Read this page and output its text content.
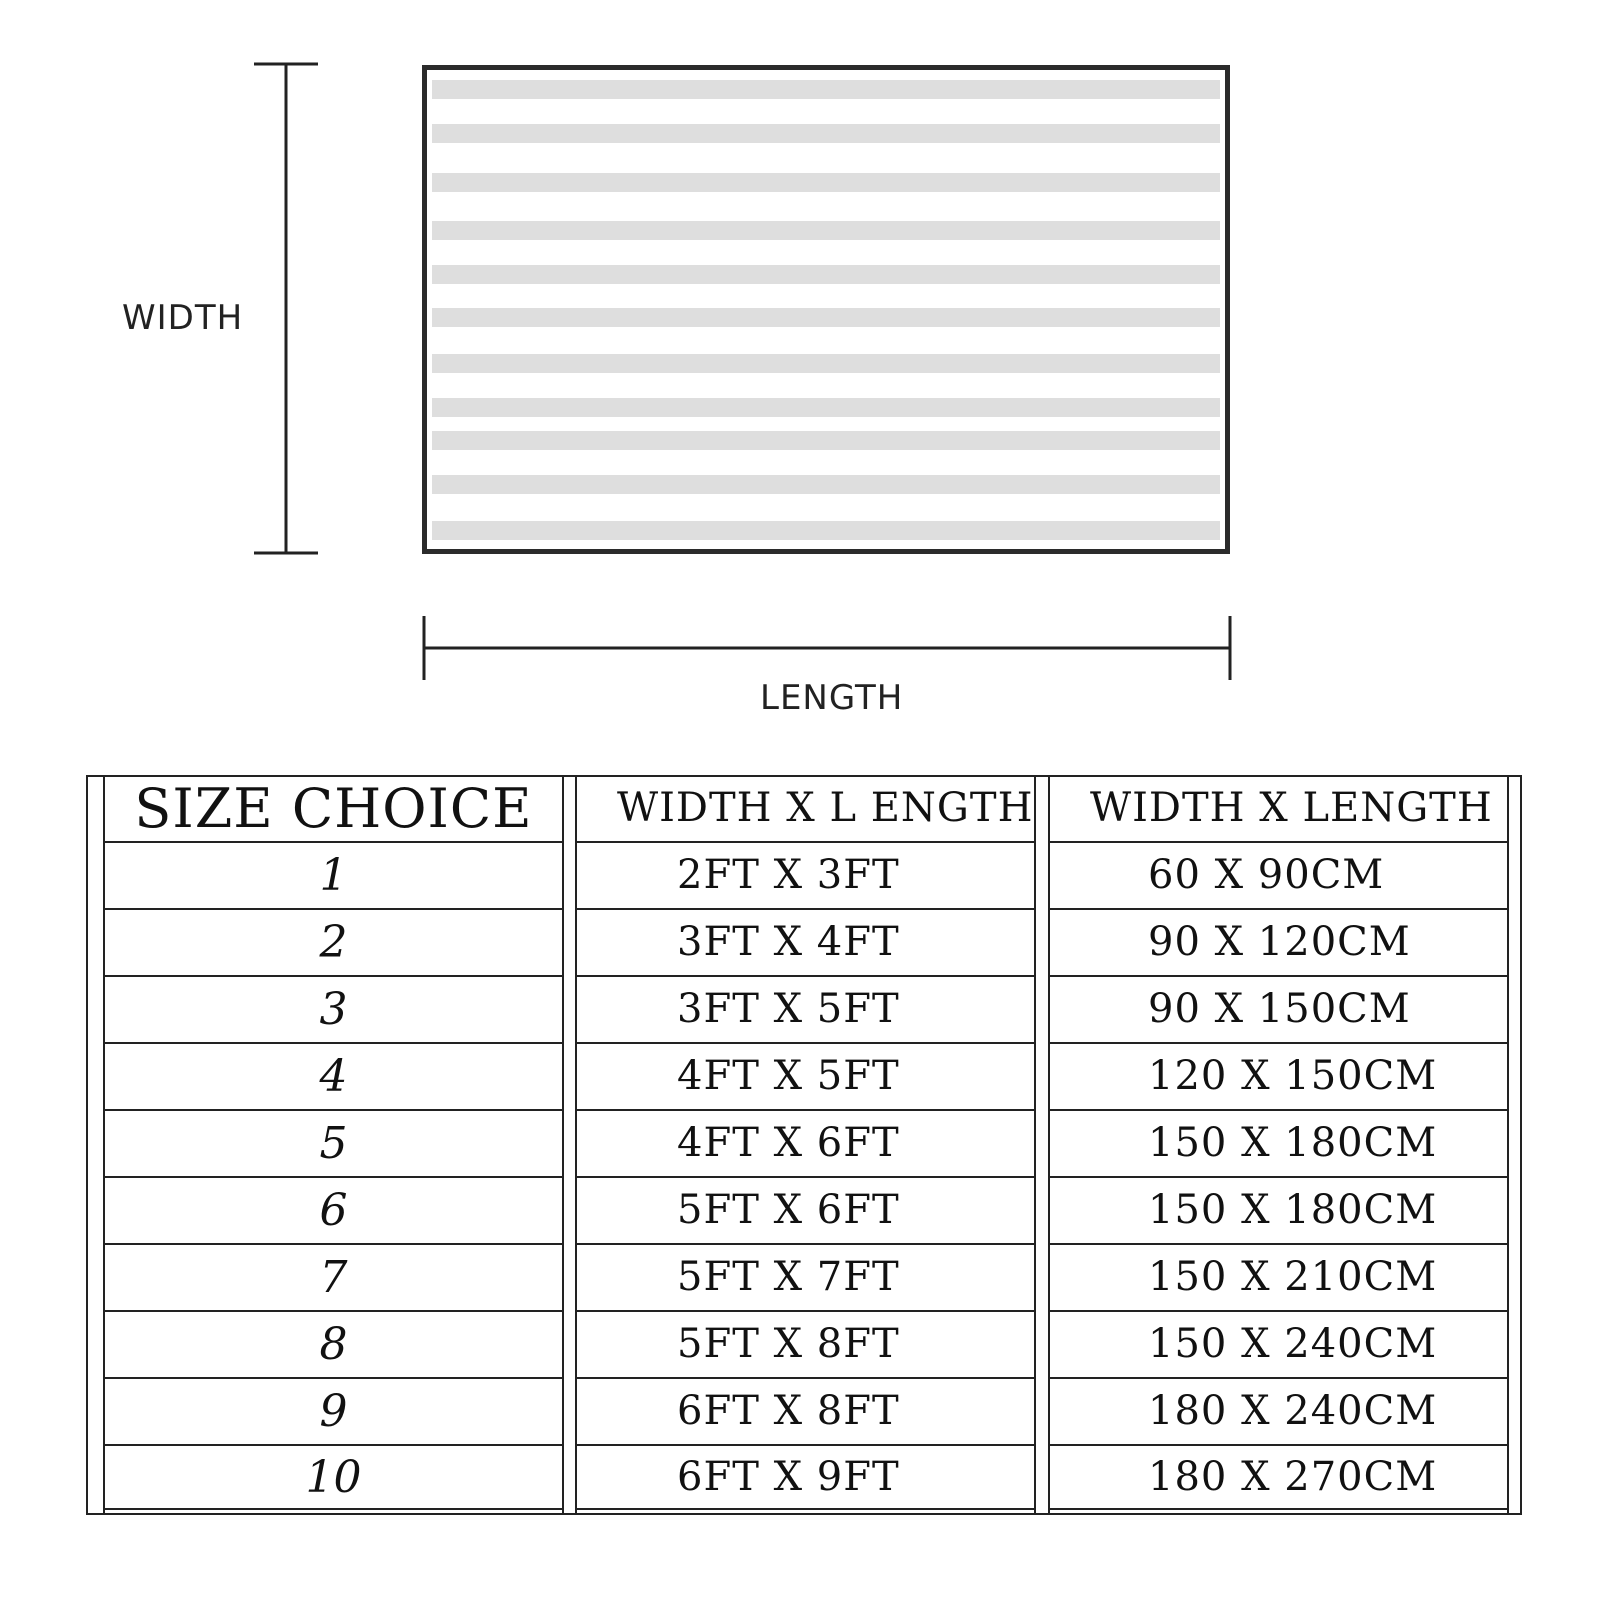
WIDTH
LENGTH
SIZE CHOICE
1
2
3
4
5
6
7
8
9
10
WIDTH X L ENGTH
2FT X 3FT
3FT X 4FT
3FT X 5FT
4FT X 5FT
4FT X 6FT
5FT X 6FT
5FT X 7FT
5FT X 8FT
6FT X 8FT
6FT X 9FT
WIDTH X LENGTH
60 X 90CM
90 X 120CM
90 X 150CM
120 X 150CM
150 X 180CM
150 X 180CM
150 X 210CM
150 X 240CM
180 X 240CM
180 X 270CM
